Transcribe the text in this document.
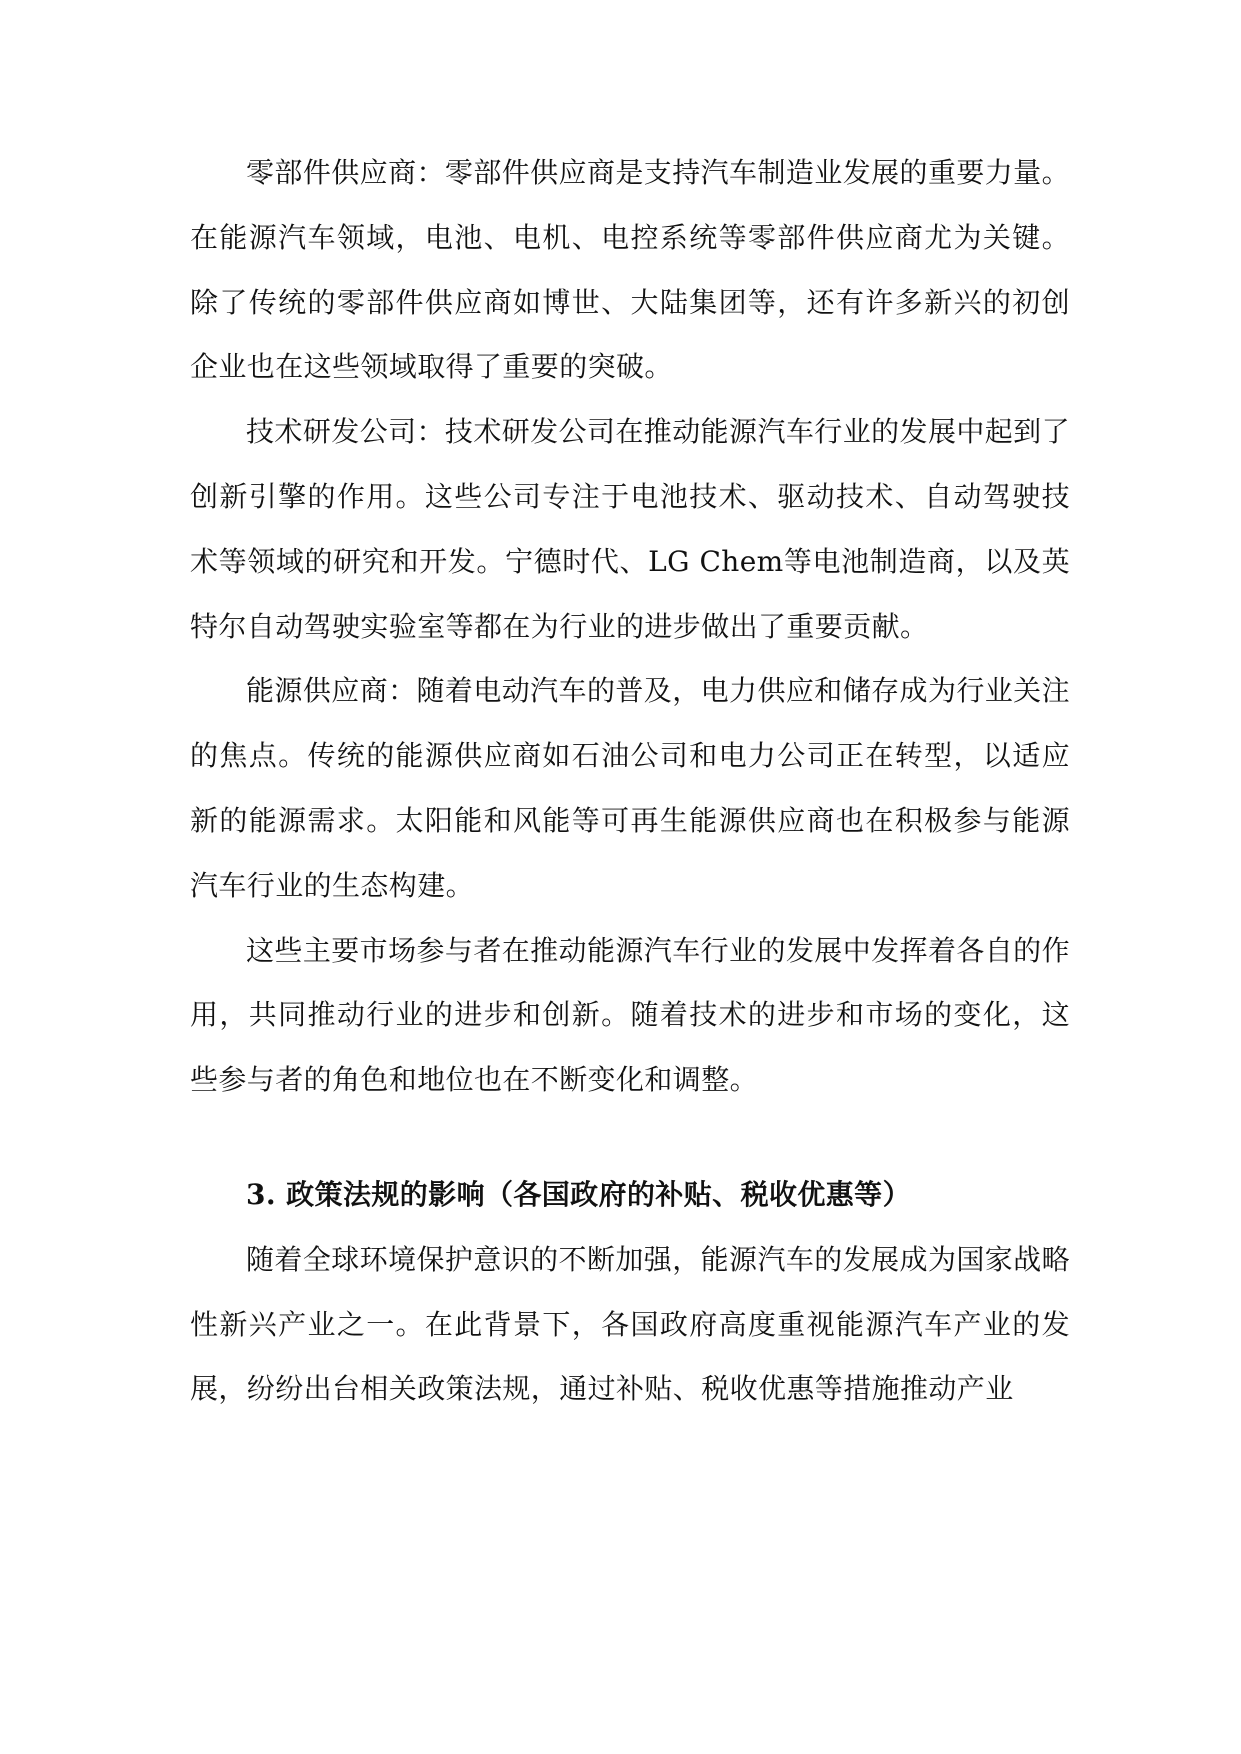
零部件供应商：零部件供应商是支持汽车制造业发展的重要力量。在能源汽车领域，电池、电机、电控系统等零部件供应商尤为关键。除了传统的零部件供应商如博世、大陆集团等，还有许多新兴的初创企业也在这些领域取得了重要的突破。

技术研发公司：技术研发公司在推动能源汽车行业的发展中起到了创新引擎的作用。这些公司专注于电池技术、驱动技术、自动驾驶技术等领域的研究和开发。宁德时代、LG Chem等电池制造商，以及英特尔自动驾驶实验室等都在为行业的进步做出了重要贡献。

能源供应商：随着电动汽车的普及，电力供应和储存成为行业关注的焦点。传统的能源供应商如石油公司和电力公司正在转型，以适应新的能源需求。太阳能和风能等可再生能源供应商也在积极参与能源汽车行业的生态构建。

这些主要市场参与者在推动能源汽车行业的发展中发挥着各自的作用，共同推动行业的进步和创新。随着技术的进步和市场的变化，这些参与者的角色和地位也在不断变化和调整。

3. 政策法规的影响（各国政府的补贴、税收优惠等）

随着全球环境保护意识的不断加强，能源汽车的发展成为国家战略性新兴产业之一。在此背景下，各国政府高度重视能源汽车产业的发展，纷纷出台相关政策法规，通过补贴、税收优惠等措施推动产业
